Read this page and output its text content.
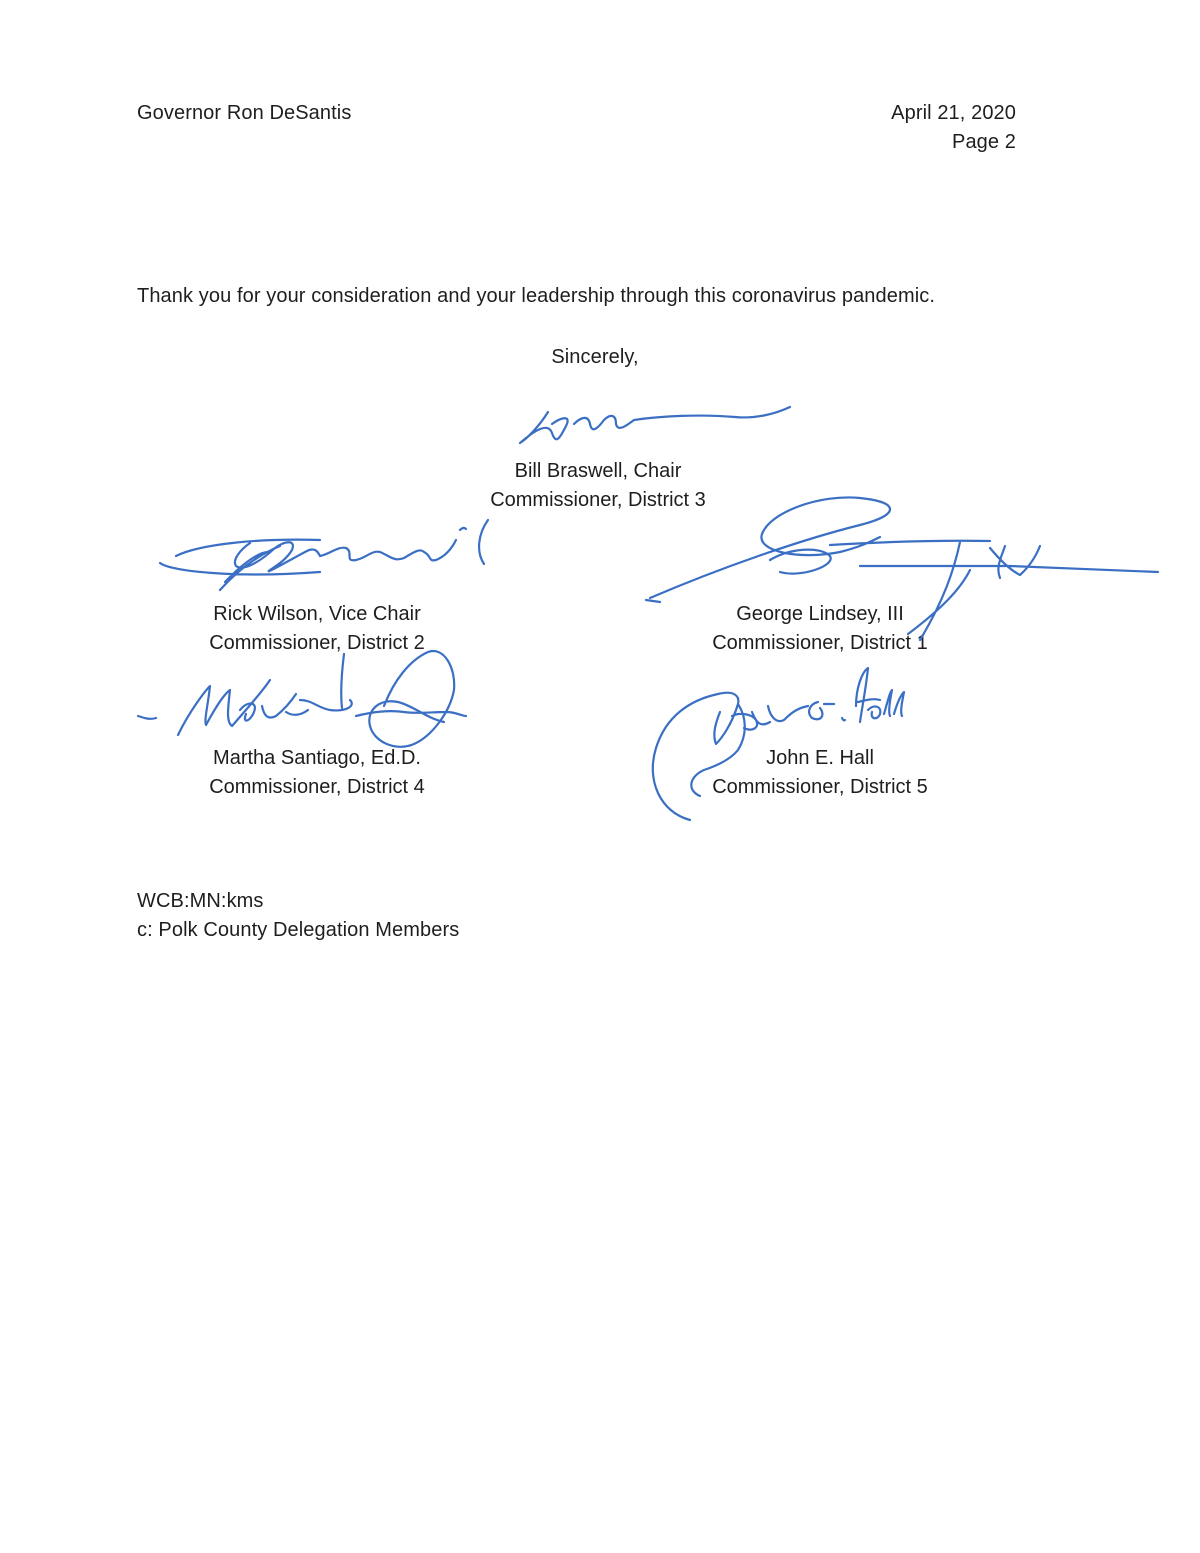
Governor Ron DeSantis	April 21, 2020
Page 2
Thank you for your consideration and your leadership through this coronavirus pandemic.
Sincerely,
Bill Braswell, Chair
Commissioner, District 3
Rick Wilson, Vice Chair
Commissioner, District 2
George Lindsey, III
Commissioner, District 1
Martha Santiago, Ed.D.
Commissioner, District 4
John E. Hall
Commissioner, District 5
WCB:MN:kms
c: Polk County Delegation Members
